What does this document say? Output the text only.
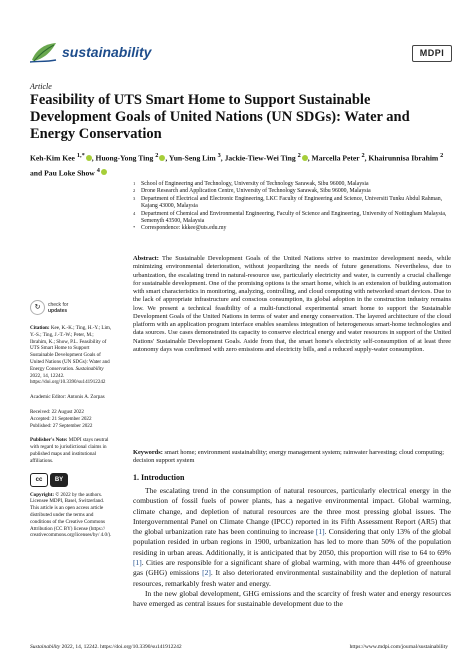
sustainability	MDPI
Article
Feasibility of UTS Smart Home to Support Sustainable Development Goals of United Nations (UN SDGs): Water and Energy Conservation
Keh-Kim Kee $^{1,*}$ , Huong-Yong Ting $^2$ , Yun-Seng Lim $^3$, Jackie-Tiew-Wei Ting $^2$ , Marcella Peter $^2$, Khairunnisa Ibrahim $^2$ and Pau Loke Show $^4$
1 School of Engineering and Technology, University of Technology Sarawak, Sibu 96000, Malaysia
2 Drone Research and Application Centre, University of Technology Sarawak, Sibu 96000, Malaysia
3 Department of Electrical and Electronic Engineering, LKC Faculty of Engineering and Science, Universiti Tunku Abdul Rahman, Kajang 43000, Malaysia
4 Department of Chemical and Environmental Engineering, Faculty of Science and Engineering, University of Nottingham Malaysia, Semenyih 43500, Malaysia
* Correspondence: kkkee@uts.edu.my
↻	check for
updates
Citation: Kee, K.-K.; Ting, H.-Y.; Lim, Y.-S.; Ting, J.-T.-W.; Peter, M.; Ibrahim, K.; Show, P.L. Feasibility of UTS Smart Home to Support Sustainable Development Goals of United Nations (UN SDGs): Water and Energy Conservation. Sustainability 2022, 14, 12242. https://doi.org/10.3390/su141912242
Academic Editor: Antonis A. Zorpas
Received: 22 August 2022
Accepted: 21 September 2022
Published: 27 September 2022
Publisher's Note: MDPI stays neutral with regard to jurisdictional claims in published maps and institutional affiliations.
cc	BY
Copyright: © 2022 by the authors. Licensee MDPI, Basel, Switzerland. This article is an open access article distributed under the terms and conditions of the Creative Commons Attribution (CC BY) license (https:// creativecommons.org/licenses/by/ 4.0/).
Abstract: The Sustainable Development Goals of the United Nations strive to maximize development needs, while minimizing environmental deterioration, without jeopardizing the needs of future generations. Nevertheless, due to urbanization, the escalating trend in natural-resource use, particularly electricity and water, is currently a crucial challenge for sustainable development. One of the promising options is the smart home, which is an extension of building automation with smart characteristics in monitoring, analyzing, controlling, and cloud computing with networked smart devices. Due to the lack of appropriate infrastructure and conscious consumption, its global adoption in the construction industry remains low. We present a technical feasibility of a multi-functional experimental smart home to support the Sustainable Development Goals of the United Nations in terms of water and energy conservation. The layered architecture of the cloud platform with an application program interface enables seamless integration of heterogeneous smart-home technologies and data sources. Use cases demonstrated its capacity to conserve electrical energy and water resources in support of the United Nations' Sustainable Development Goals. Aside from that, the smart home's electricity self-consumption of at least three autonomy days was confirmed with zero emissions and electricity bills, and a reduced supply-water consumption.
Keywords: smart home; environment sustainability; energy management system; rainwater harvesting; cloud computing; decision support system
1. Introduction

The escalating trend in the consumption of natural resources, particularly electrical energy in the combustion of fossil fuels of power plants, has a negative environmental impact. Global warming, climate change, and depletion of natural resources are the three most pressing global issues. The Intergovernmental Panel on Climate Change (IPCC) reported in its Fifth Assessment Report (AR5) that the global urbanization rate has been continuing to increase [1]. Considering that only 13% of the global population resided in urban regions in 1900, urbanization has led to more than 50% of the population residing in urban areas. Additionally, it is anticipated that by 2050, this proportion will rise to 64 to 69% [1]. Cities are responsible for a significant share of global warming, with more than 44% of greenhouse gas (GHG) emissions [2]. It also deteriorated environmental sustainability and the depletion of natural resources, remarkably fresh water and energy.

In the new global development, GHG emissions and the scarcity of fresh water and energy resources have emerged as central issues for sustainable development due to the

Sustainability 2022, 14, 12242. https://doi.org/10.3390/su141912242	https://www.mdpi.com/journal/sustainability
